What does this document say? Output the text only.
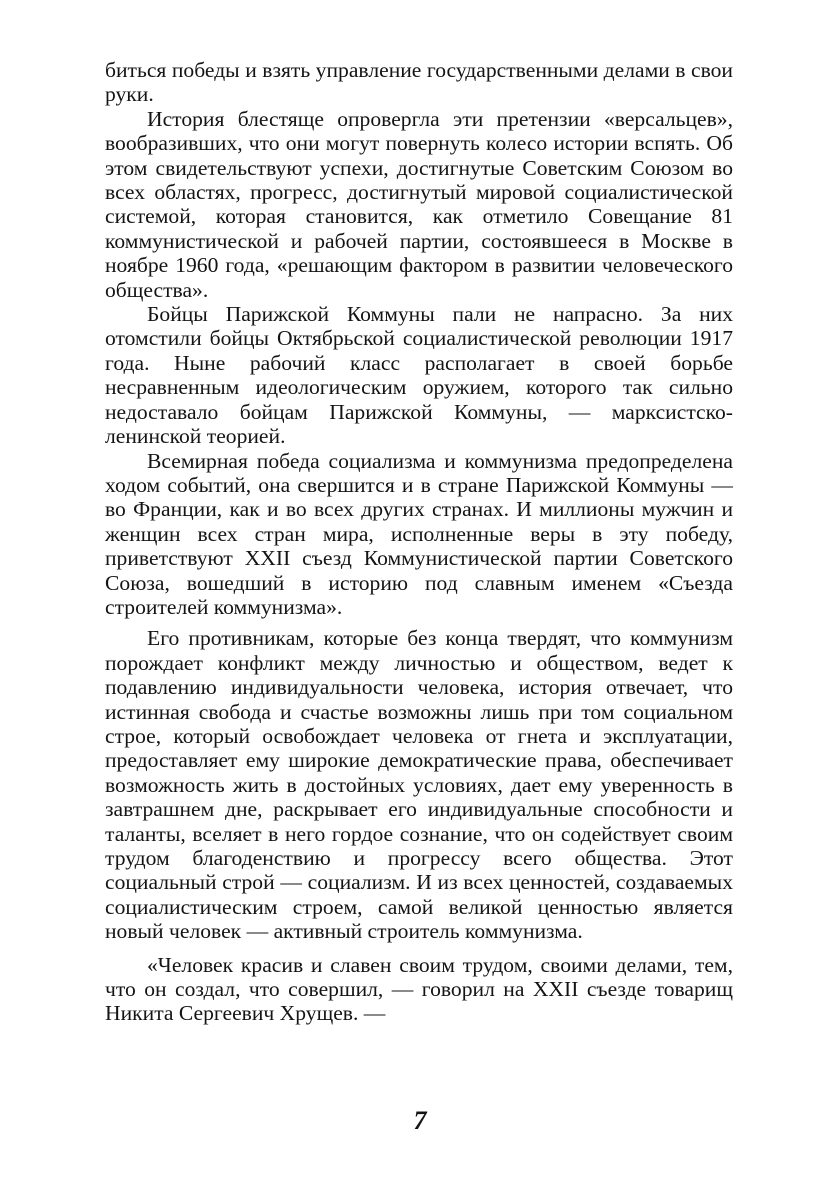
биться победы и взять управление государственными делами в свои руки.

История блестяще опровергла эти претензии «версальцев», вообразивших, что они могут повернуть колесо истории вспять. Об этом свидетельствуют успехи, достигнутые Советским Союзом во всех областях, прогресс, достигнутый мировой социалистической системой, которая становится, как отметило Совещание 81 коммунистической и рабочей партии, состоявшееся в Москве в ноябре 1960 года, «решающим фактором в развитии человеческого общества».

Бойцы Парижской Коммуны пали не напрасно. За них отомстили бойцы Октябрьской социалистической революции 1917 года. Ныне рабочий класс располагает в своей борьбе несравненным идеологическим оружием, которого так сильно недоставало бойцам Парижской Коммуны, — марксистско-ленинской теорией.

Всемирная победа социализма и коммунизма предопределена ходом событий, она свершится и в стране Парижской Коммуны — во Франции, как и во всех других странах. И миллионы мужчин и женщин всех стран мира, исполненные веры в эту победу, приветствуют XXII съезд Коммунистической партии Советского Союза, вошедший в историю под славным именем «Съезда строителей коммунизма».

Его противникам, которые без конца твердят, что коммунизм порождает конфликт между личностью и обществом, ведет к подавлению индивидуальности человека, история отвечает, что истинная свобода и счастье возможны лишь при том социальном строе, который освобождает человека от гнета и эксплуатации, предоставляет ему широкие демократические права, обеспечивает возможность жить в достойных условиях, дает ему уверенность в завтрашнем дне, раскрывает его индивидуальные способности и таланты, вселяет в него гордое сознание, что он содействует своим трудом благоденствию и прогрессу всего общества. Этот социальный строй — социализм. И из всех ценностей, создаваемых социалистическим строем, самой великой ценностью является новый человек — активный строитель коммунизма.

«Человек красив и славен своим трудом, своими делами, тем, что он создал, что совершил, — говорил на XXII съезде товарищ Никита Сергеевич Хрущев. —

7
